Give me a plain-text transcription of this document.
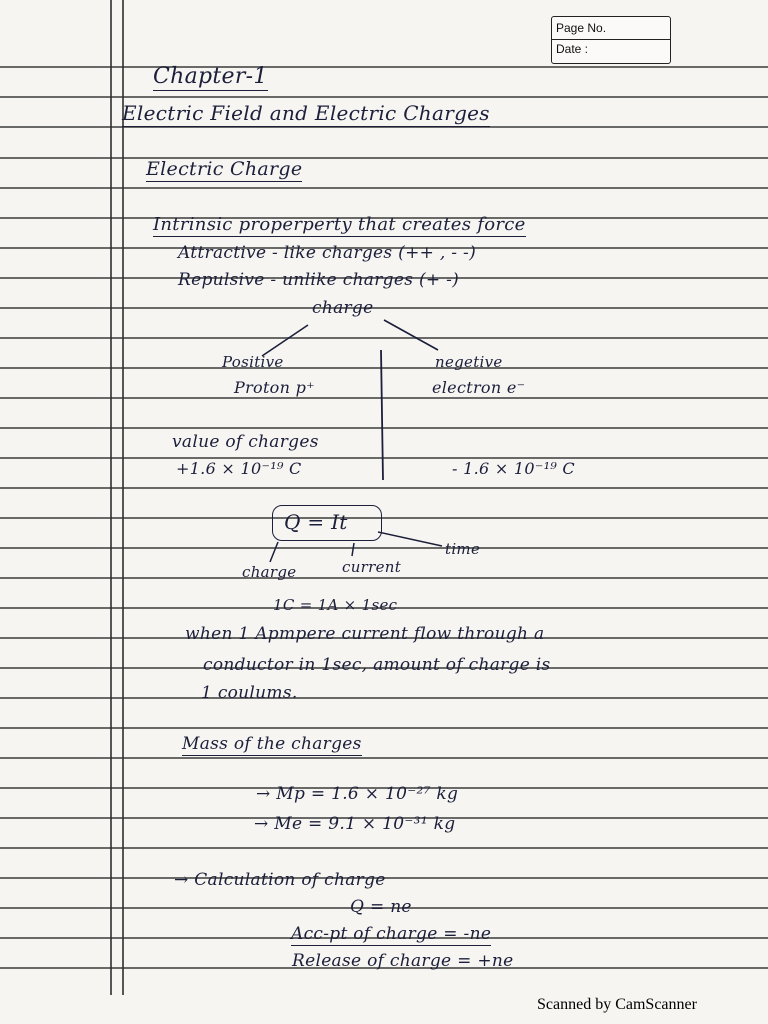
Page No.
Date :
Chapter-1
Electric Field and Electric Charges
Electric Charge
Intrinsic properperty that creates force
Attractive - like charges (++ , - -)
Repulsive - unlike charges (+ -)
charge
Positive
Proton p⁺
negetive
electron e⁻
value of charges
+1.6 × 10⁻¹⁹ C	- 1.6 × 10⁻¹⁹ C
Q = It
charge	current
time
1C = 1A × 1sec
when 1 Apmpere current flow through a
conductor in 1sec, amount of charge is
1 coulums.
Mass of the charges
→ Mp = 1.6 × 10⁻²⁷ kg
→ Me = 9.1 × 10⁻³¹ kg
→ Calculation of charge
Q = ne
Acc-pt of charge = -ne
Release of charge = +ne
Scanned by CamScanner
